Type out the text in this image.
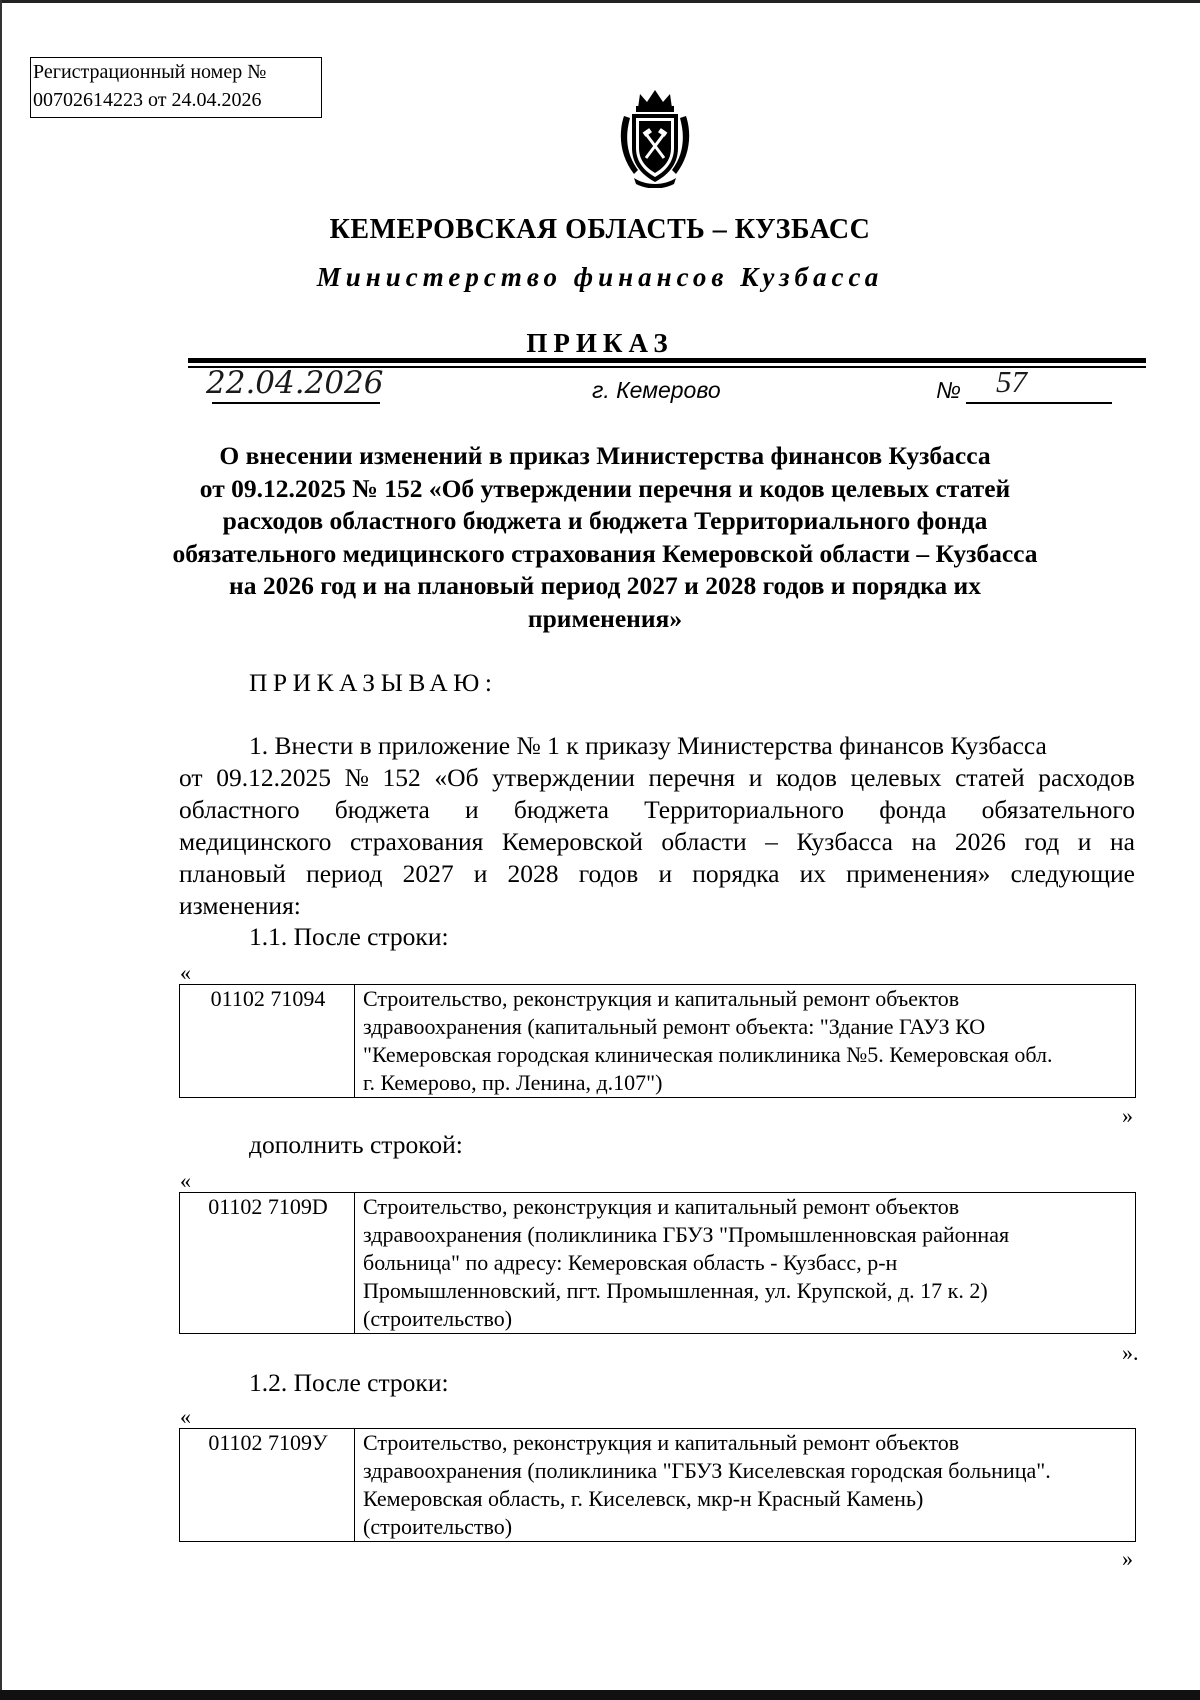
Регистрационный номер №
00702614223 от 24.04.2026
КЕМЕРОВСКАЯ ОБЛАСТЬ – КУЗБАСС
Министерство финансов Кузбасса
ПРИКАЗ
22.04.2026	г. Кемерово	№ 57
О внесении изменений в приказ Министерства финансов Кузбасса
от 09.12.2025 № 152 «Об утверждении перечня и кодов целевых статей
расходов областного бюджета и бюджета Территориального фонда
обязательного медицинского страхования Кемеровской области – Кузбасса
на 2026 год и на плановый период 2027 и 2028 годов и порядка их
применения»
ПРИКАЗЫВАЮ:
1. Внести в приложение № 1 к приказу Министерства финансов Кузбасса
от 09.12.2025 № 152 «Об утверждении перечня и кодов целевых статей расходов
областного бюджета и бюджета Территориального фонда обязательного
медицинского страхования Кемеровской области – Кузбасса на 2026 год и на
плановый период 2027 и 2028 годов и порядка их применения» следующие
изменения:
1.1. После строки:
«
01102 71094	Строительство, реконструкция и капитальный ремонт объектов
здравоохранения (капитальный ремонт объекта: "Здание ГАУЗ КО
"Кемеровская городская клиническая поликлиника №5. Кемеровская обл.
г. Кемерово, пр. Ленина, д.107")
»
дополнить строкой:
«
01102 7109D	Строительство, реконструкция и капитальный ремонт объектов
здравоохранения (поликлиника ГБУЗ "Промышленновская районная
больница" по адресу: Кемеровская область - Кузбасс, р-н
Промышленновский, пгт. Промышленная, ул. Крупской, д. 17 к. 2)
(строительство)
».
1.2. После строки:
«
01102 7109У	Строительство, реконструкция и капитальный ремонт объектов
здравоохранения (поликлиника "ГБУЗ Киселевская городская больница".
Кемеровская область, г. Киселевск, мкр-н Красный Камень)
(строительство)
»
